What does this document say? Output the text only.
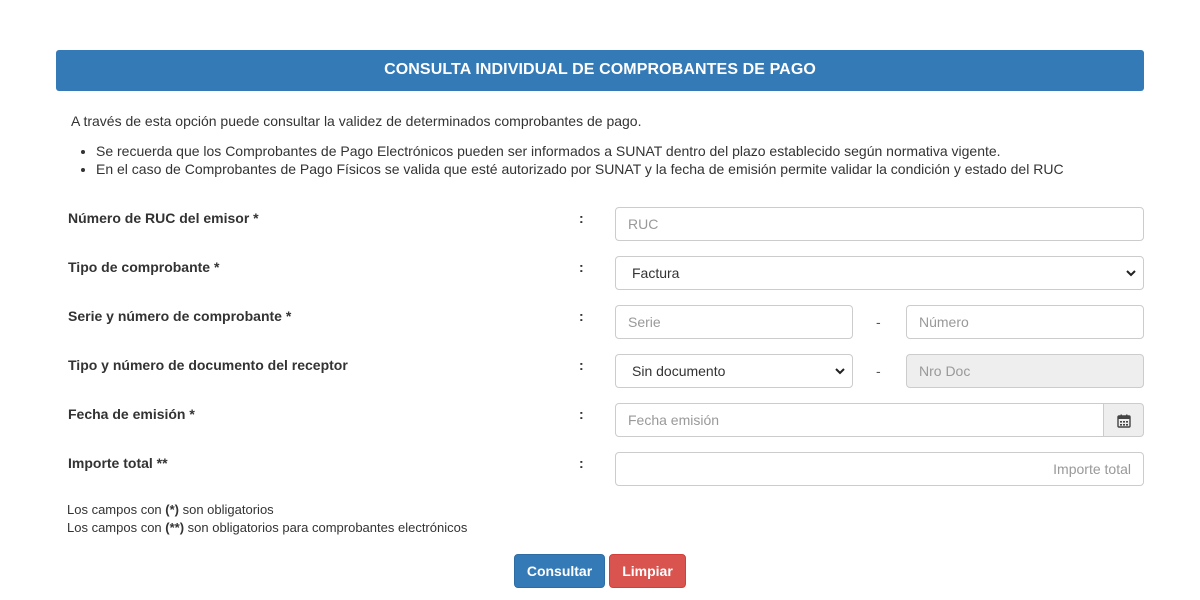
CONSULTA INDIVIDUAL DE COMPROBANTES DE PAGO
A través de esta opción puede consultar la validez de determinados comprobantes de pago.
• Se recuerda que los Comprobantes de Pago Electrónicos pueden ser informados a SUNAT dentro del plazo establecido según normativa vigente.
• En el caso de Comprobantes de Pago Físicos se valida que esté autorizado por SUNAT y la fecha de emisión permite validar la condición y estado del RUC
Número de RUC del emisor *	:
RUC
Tipo de comprobante *	:	Factura
Serie y número de comprobante *	:
Serie	-
Número
Tipo y número de documento del receptor	:	Sin documento	-
Nro Doc
Fecha de emisión *	:
Fecha emisión
Importe total **	:
Importe total
Los campos con (*) son obligatorios
Los campos con (**) son obligatorios para comprobantes electrónicos
Consultar	Limpiar
